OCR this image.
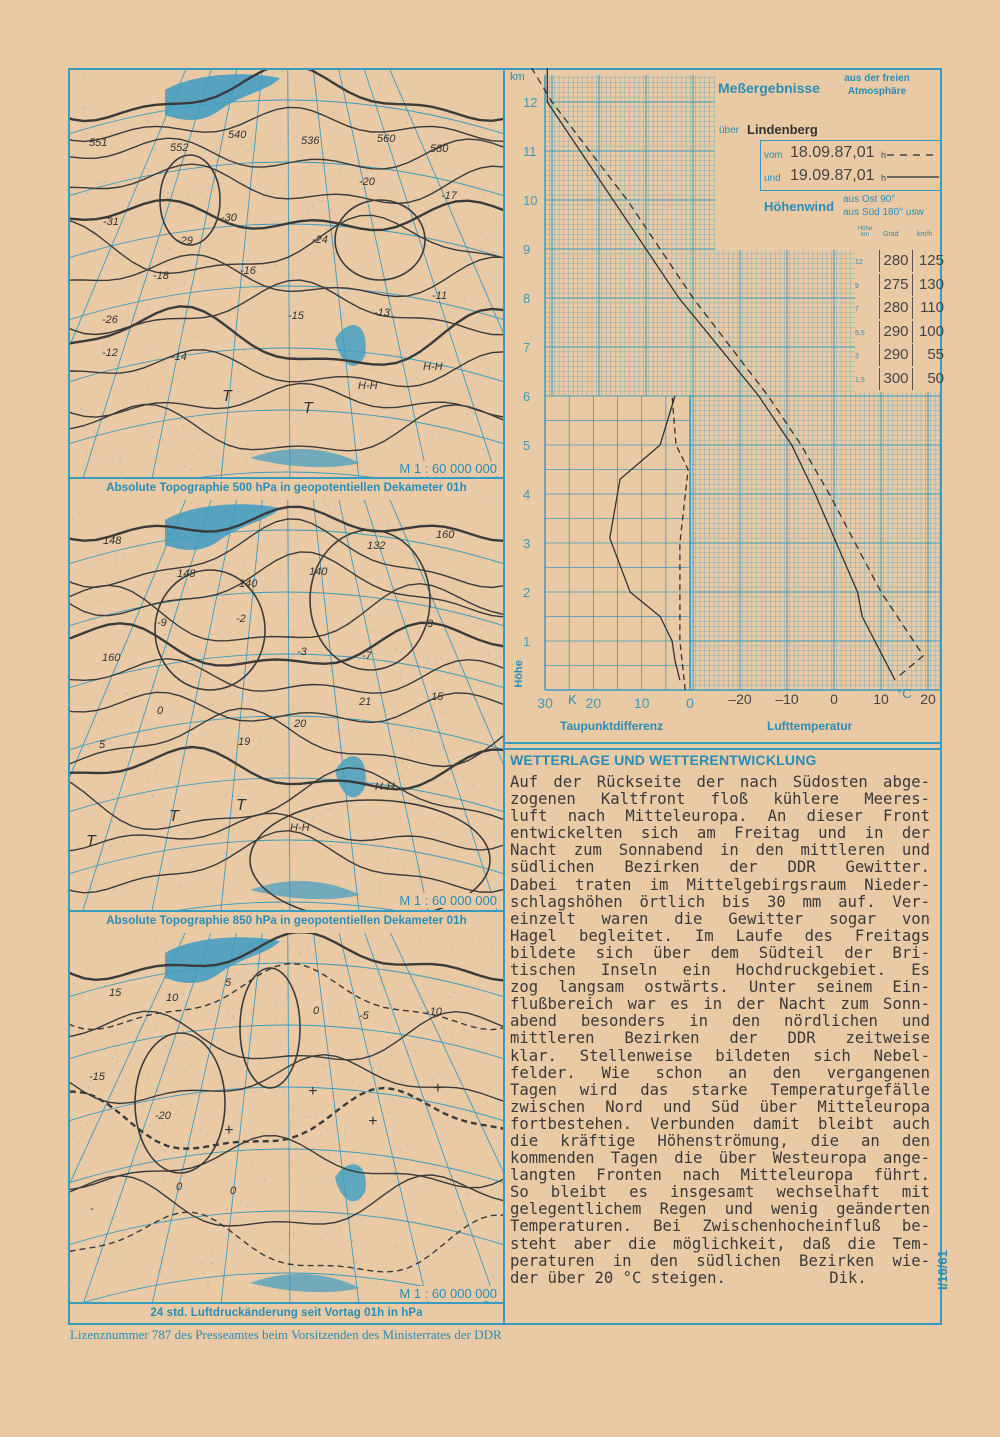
551	552
540	536	560
580
-31
-29
-30
-24
-20
-17
-26
-18	-16
-15	-13
-11
-12	-14
T
T
H-H
H-H
M 1 : 60 000 000
Absolute Topographie 500 hPa in geopotentiellen Dekameter 01h
148
148
140
140
132
160
160
-9	-2
-3	-7
3
5
0
19
20
21	15
T
T
T
H-H
H-H
M 1 : 60 000 000
Absolute Topographie 850 hPa in geopotentiellen Dekameter 01h
15	10
5
0	-5	-10
-15
-20
+
+
+
+
-
0	0
M 1 : 60 000 000
24 std. Luftdruckänderung seit Vortag 01h in hPa
12
11
10
9
8
7
6
5
4
3
2
1
30 20 10	0 –20 –10 0	10 20
Meßergebnisse
aus der freien
Atmosphäre
über Lindenberg
vom 18.09.87,01 h
und 19.09.87,01 h
Höhenwind aus Ost 90°
aus Süd 180° usw
Höhe km	Grad	km/h
12 280 125
9 275 130
7 280 110
5,5 290 100
3 290	55
1,5 300	50
km
Höhe
K	°C
Taupunktdifferenz	Lufttemperatur
WETTERLAGE UND WETTERENTWICKLUNG
Auf der Rückseite der nach Südosten abge-
zogenen Kaltfront floß kühlere Meeres-
luft nach Mitteleuropa. An dieser Front
entwickelten sich am Freitag und in der
Nacht zum Sonnabend in den mittleren und
südlichen Bezirken der DDR Gewitter.
Dabei traten im Mittelgebirgsraum Nieder-
schlagshöhen örtlich bis 30 mm auf. Ver-
einzelt waren die Gewitter sogar von
Hagel begleitet. Im Laufe des Freitags
bildete sich über dem Südteil der Bri-
tischen Inseln ein Hochdruckgebiet. Es
zog langsam ostwärts. Unter seinem Ein-
flußbereich war es in der Nacht zum Sonn-
abend besonders in den nördlichen und
mittleren Bezirken der DDR zeitweise
klar. Stellenweise bildeten sich Nebel-
felder. Wie schon an den vergangenen
Tagen wird das starke Temperaturgefälle
zwischen Nord und Süd über Mitteleuropa
fortbestehen. Verbunden damit bleibt auch
die kräftige Höhenströmung, die an den
kommenden Tagen die über Westeuropa ange-
langten Fronten nach Mitteleuropa führt.
So bleibt es insgesamt wechselhaft mit
gelegentlichem Regen und wenig geänderten
Temperaturen. Bei Zwischenhocheinfluß be-
steht aber die möglichkeit, daß die Tem-
peraturen in den südlichen Bezirken wie-
der über 20 °C steigen.           Dik.
Lizenznummer 787 des Presseamtes beim Vorsitzenden des Ministerrates der DDR
I/16/61
